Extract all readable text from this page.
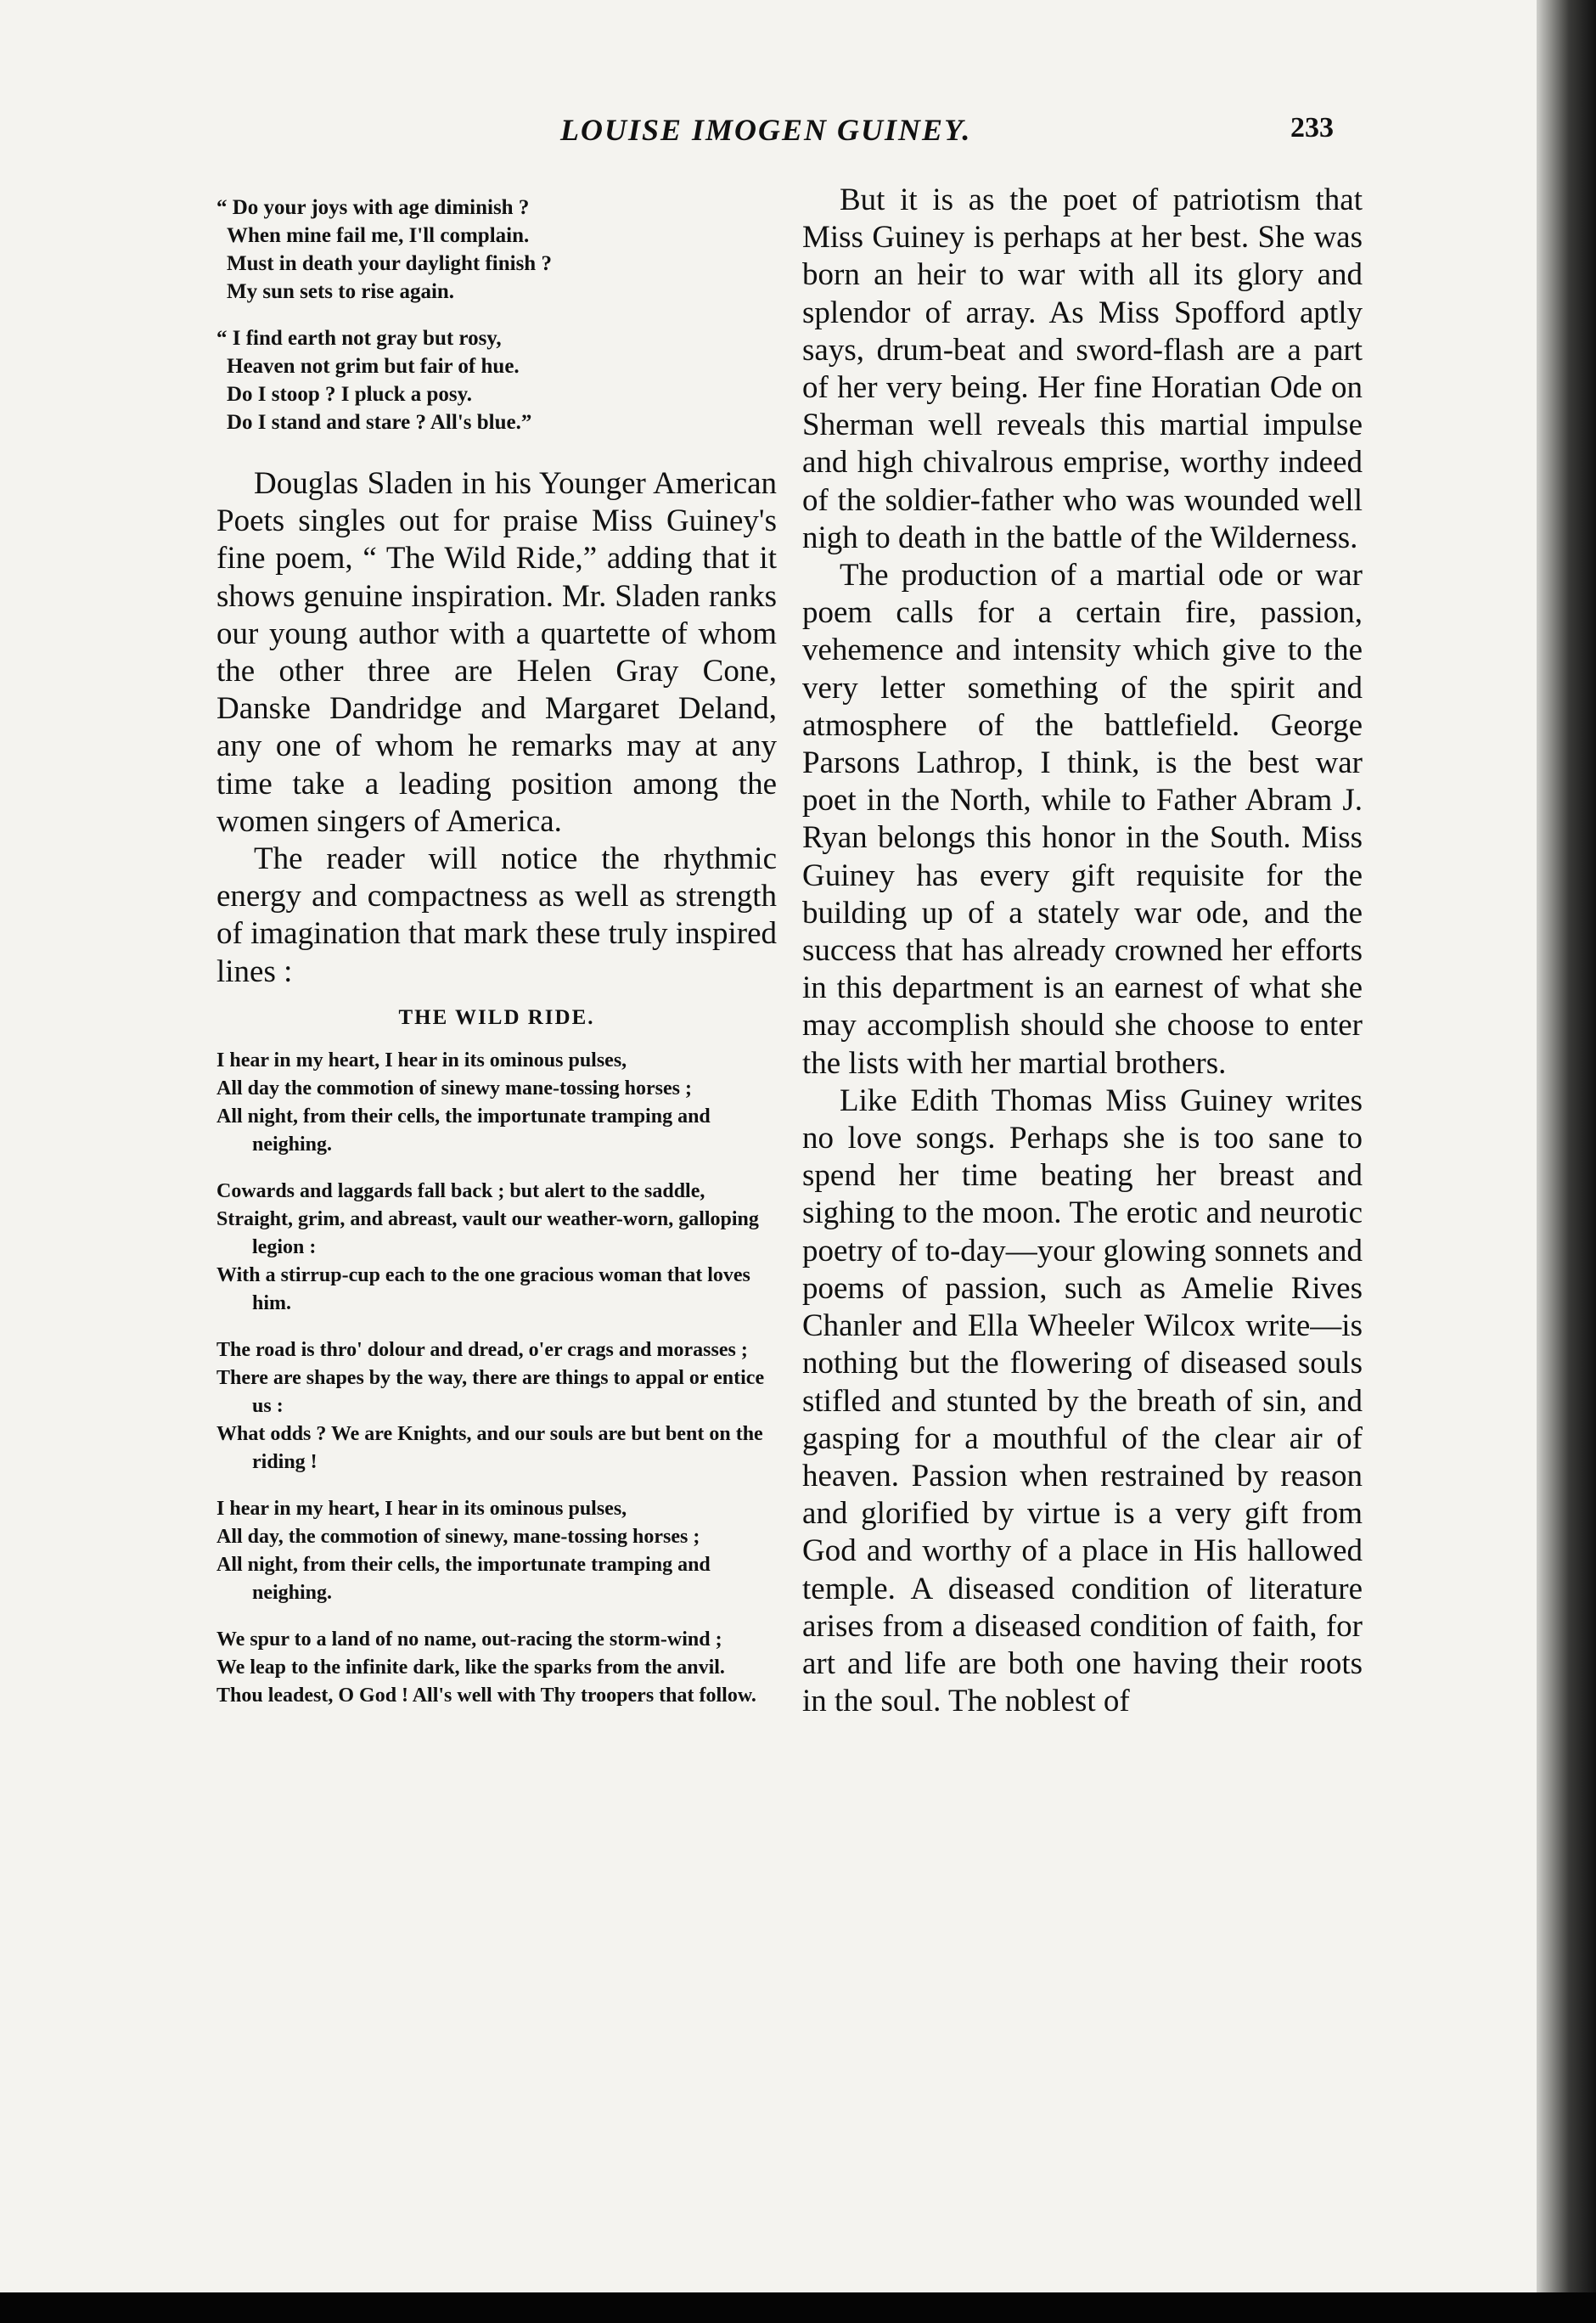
LOUISE IMOGEN GUINEY.	233
“ Do your joys with age diminish ?
When mine fail me, I'll complain.
Must in death your daylight finish ?
My sun sets to rise again.
“ I find earth not gray but rosy,
Heaven not grim but fair of hue.
Do I stoop ? I pluck a posy.
Do I stand and stare ? All's blue.”

Douglas Sladen in his Younger American Poets singles out for praise Miss Guiney's fine poem, “ The Wild Ride,” adding that it shows genuine inspiration. Mr. Sladen ranks our young author with a quartette of whom the other three are Helen Gray Cone, Danske Dandridge and Margaret Deland, any one of whom he remarks may at any time take a leading position among the women singers of America.

The reader will notice the rhythmic energy and compactness as well as strength of imagination that mark these truly inspired lines :

THE WILD RIDE.
I hear in my heart, I hear in its ominous pulses,
All day the commotion of sinewy mane-tossing horses ;
All night, from their cells, the importunate tramping and neighing.
Cowards and laggards fall back ; but alert to the saddle,
Straight, grim, and abreast, vault our weather-worn, galloping legion :
With a stirrup-cup each to the one gracious woman that loves him.
The road is thro' dolour and dread, o'er crags and morasses ;
There are shapes by the way, there are things to appal or entice us :
What odds ? We are Knights, and our souls are but bent on the riding !
I hear in my heart, I hear in its ominous pulses,
All day, the commotion of sinewy, mane-tossing horses ;
All night, from their cells, the importunate tramping and neighing.
We spur to a land of no name, out-racing the storm-wind ;
We leap to the infinite dark, like the sparks from the anvil.
Thou leadest, O God ! All's well with Thy troopers that follow.

But it is as the poet of patriotism that Miss Guiney is perhaps at her best. She was born an heir to war with all its glory and splendor of array. As Miss Spofford aptly says, drum-beat and sword-flash are a part of her very being. Her fine Horatian Ode on Sherman well reveals this martial impulse and high chivalrous emprise, worthy indeed of the soldier-father who was wounded well nigh to death in the battle of the Wilderness.

The production of a martial ode or war poem calls for a certain fire, passion, vehemence and intensity which give to the very letter something of the spirit and atmosphere of the battlefield. George Parsons Lathrop, I think, is the best war poet in the North, while to Father Abram J. Ryan belongs this honor in the South. Miss Guiney has every gift requisite for the building up of a stately war ode, and the success that has already crowned her efforts in this department is an earnest of what she may accomplish should she choose to enter the lists with her martial brothers.

Like Edith Thomas Miss Guiney writes no love songs. Perhaps she is too sane to spend her time beating her breast and sighing to the moon. The erotic and neurotic poetry of to-day—your glowing sonnets and poems of passion, such as Amelie Rives Chanler and Ella Wheeler Wilcox write—is nothing but the flowering of diseased souls stifled and stunted by the breath of sin, and gasping for a mouthful of the clear air of heaven. Passion when restrained by reason and glorified by virtue is a very gift from God and worthy of a place in His hallowed temple. A diseased condition of literature arises from a diseased condition of faith, for art and life are both one having their roots in the soul. The noblest of
